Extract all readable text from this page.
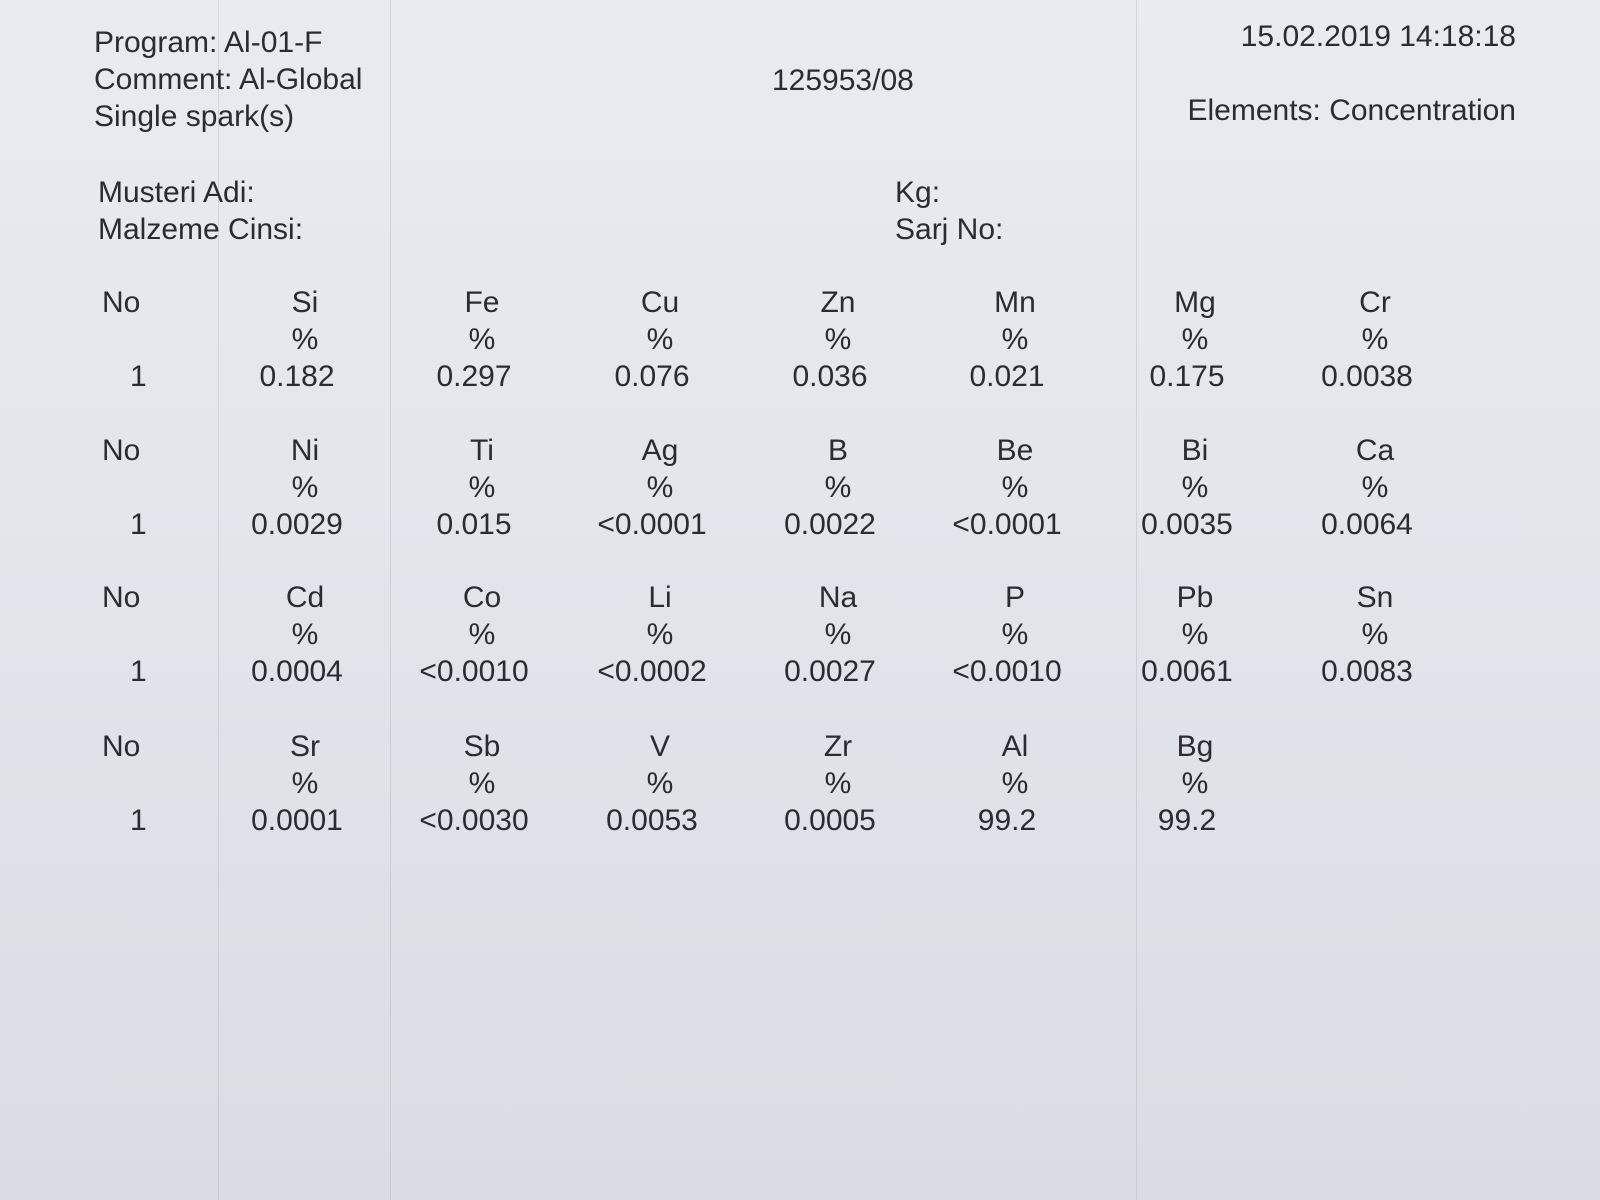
Program: Al-01-F
Comment: Al-Global
Single spark(s)
125953/08
15.02.2019 14:18:18
Elements: Concentration
Musteri Adi:
Malzeme Cinsi:
Kg:
Sarj No:
No
1
Si
%
0.182
Fe
%
0.297
Cu
%
0.076
Zn
%
0.036
Mn
%
0.021
Mg
%
0.175
Cr
%
0.0038
No
1
Ni
%
0.0029
Ti
%
0.015
Ag
%
<0.0001
B
%
0.0022
Be
%
<0.0001
Bi
%
0.0035
Ca
%
0.0064
No
1
Cd
%
0.0004
Co
%
<0.0010
Li
%
<0.0002
Na
%
0.0027
P
%
<0.0010
Pb
%
0.0061
Sn
%
0.0083
No
1
Sr
%
0.0001
Sb
%
<0.0030
V
%
0.0053
Zr
%
0.0005
Al
%
99.2
Bg
%
99.2
